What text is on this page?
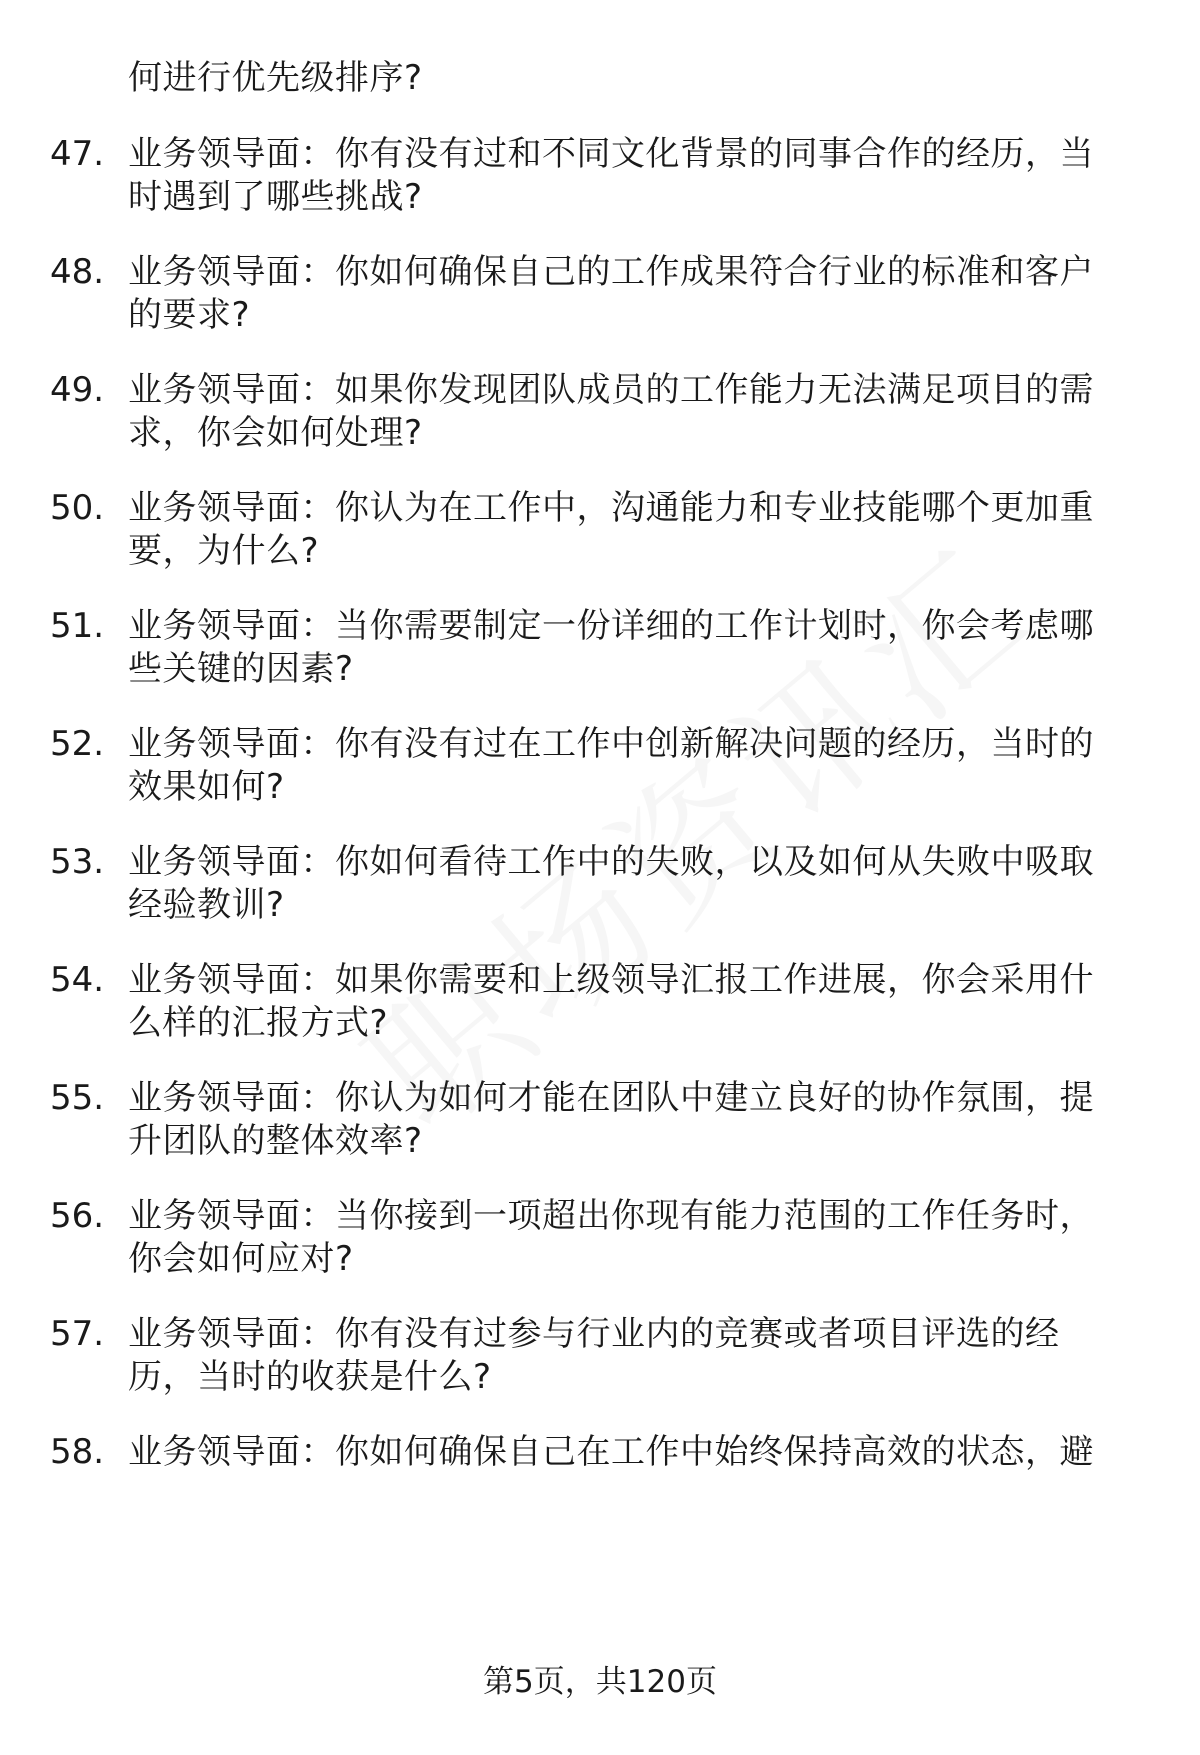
何进行优先级排序?
47. 业务领导面：你有没有过和不同文化背景的同事合作的经历，当
时遇到了哪些挑战?
48. 业务领导面：你如何确保自己的工作成果符合行业的标准和客户
的要求?
49. 业务领导面：如果你发现团队成员的工作能力无法满足项目的需
求，你会如何处理?
50. 业务领导面：你认为在工作中，沟通能力和专业技能哪个更加重
要，为什么?
51. 业务领导面：当你需要制定一份详细的工作计划时，你会考虑哪
些关键的因素?
52. 业务领导面：你有没有过在工作中创新解决问题的经历，当时的
效果如何?
53. 业务领导面：你如何看待工作中的失败，以及如何从失败中吸取
经验教训?
54. 业务领导面：如果你需要和上级领导汇报工作进展，你会采用什
么样的汇报方式?
55. 业务领导面：你认为如何才能在团队中建立良好的协作氛围，提
升团队的整体效率?
56. 业务领导面：当你接到一项超出你现有能力范围的工作任务时，
你会如何应对?
57. 业务领导面：你有没有过参与行业内的竞赛或者项目评选的经
历，当时的收获是什么?
58. 业务领导面：你如何确保自己在工作中始终保持高效的状态，避
第5页，共120页
